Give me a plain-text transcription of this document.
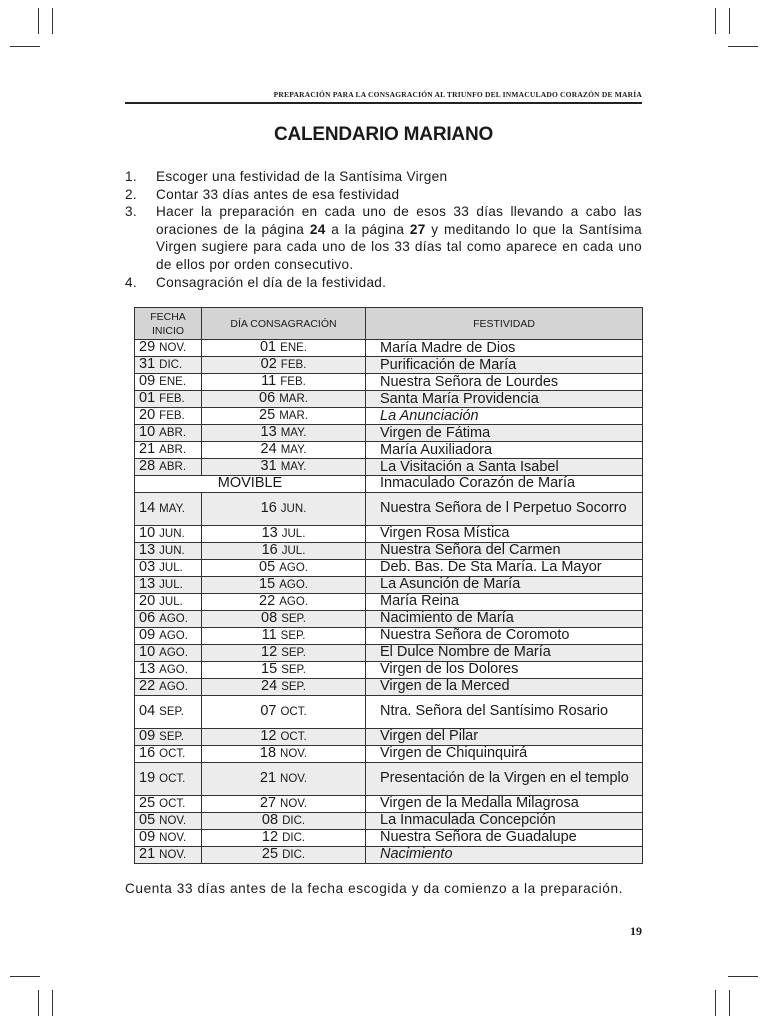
PREPARACIÓN PARA LA CONSAGRACIÓN AL TRIUNFO DEL INMACULADO CORAZÓN DE MARÍA
CALENDARIO MARIANO
1.	Escoger una festividad de la Santísima Virgen
2.	Contar 33 días antes de esa festividad
3.	Hacer la preparación en cada uno de esos 33 días llevando a cabo las oraciones de la página 24 a la página 27 y meditando lo que la Santísima Virgen sugiere para cada uno de los 33 días tal como aparece en cada uno de ellos por orden consecutivo.
4.	Consagración el día de la festividad.
FECHA INICIO	DÍA CONSAGRACIÓN	FESTIVIDAD
29 NOV.	01 ENE.	María Madre de Dios
31 DIC.	02 FEB.	Purificación de María
09 ENE.	11 FEB.	Nuestra Señora de Lourdes
01 FEB.	06 MAR.	Santa María Providencia
20 FEB.	25 MAR.	La Anunciación
10 ABR.	13 MAY.	Virgen de Fátima
21 ABR.	24 MAY.	María Auxiliadora
28 ABR.	31 MAY.	La Visitación a Santa Isabel
MOVIBLE		Inmaculado Corazón de María
14 MAY.	16 JUN.	Nuestra Señora de l Perpetuo Socorro
10 JUN.	13 JUL.	Virgen Rosa Mística
13 JUN.	16 JUL.	Nuestra Señora del Carmen
03 JUL.	05 AGO.	Deb. Bas. De Sta María. La Mayor
13 JUL.	15 AGO.	La Asunción de María
20 JUL.	22 AGO.	María Reina
06 AGO.	08 SEP.	Nacimiento de María
09 AGO.	11 SEP.	Nuestra Señora de Coromoto
10 AGO.	12 SEP.	El Dulce Nombre de María
13 AGO.	15 SEP.	Virgen de los Dolores
22 AGO.	24 SEP.	Virgen de la Merced
04 SEP.	07 OCT.	Ntra. Señora del Santísimo Rosario
09 SEP.	12 OCT.	Virgen del Pilar
16 OCT.	18 NOV.	Virgen de Chiquinquirá
19 OCT.	21 NOV.	Presentación de la Virgen en el templo
25 OCT.	27 NOV.	Virgen de la Medalla Milagrosa
05 NOV.	08 DIC.	La Inmaculada Concepción
09 NOV.	12 DIC.	Nuestra Señora de Guadalupe
21 NOV.	25 DIC.	Nacimiento
Cuenta 33 días antes de la fecha escogida y da comienzo a la preparación.
19
